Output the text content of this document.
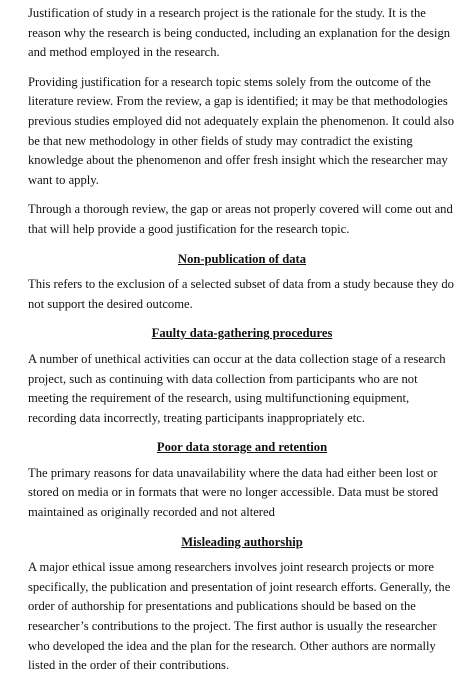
Justification of study in a research project is the rationale for the study. It is the
reason why the research is being conducted, including an explanation for the design
and method employed in the research.
Providing justification for a research topic stems solely from the outcome of the
literature review. From the review, a gap is identified; it may be that methodologies
previous studies employed did not adequately explain the phenomenon. It could also
be that new methodology in other fields of study may contradict the existing
knowledge about the phenomenon and offer fresh insight which the researcher may
want to apply.
Through a thorough review, the gap or areas not properly covered will come out and
that will help provide a good justification for the research topic.
Non-publication of data
This refers to the exclusion of a selected subset of data from a study because they do
not support the desired outcome.
Faulty data-gathering procedures
A number of unethical activities can occur at the data collection stage of a research
project, such as continuing with data collection from participants who are not
meeting the requirement of the research, using multifunctioning equipment,
recording data incorrectly, treating participants inappropriately etc.
Poor data storage and retention
The primary reasons for data unavailability where the data had either been lost or
stored on media or in formats that were no longer accessible. Data must be stored
maintained as originally recorded and not altered
Misleading authorship
A major ethical issue among researchers involves joint research projects or more
specifically, the publication and presentation of joint research efforts. Generally, the
order of authorship for presentations and publications should be based on the
researcher’s contributions to the project. The first author is usually the researcher
who developed the idea and the plan for the research. Other authors are normally
listed in the order of their contributions.
